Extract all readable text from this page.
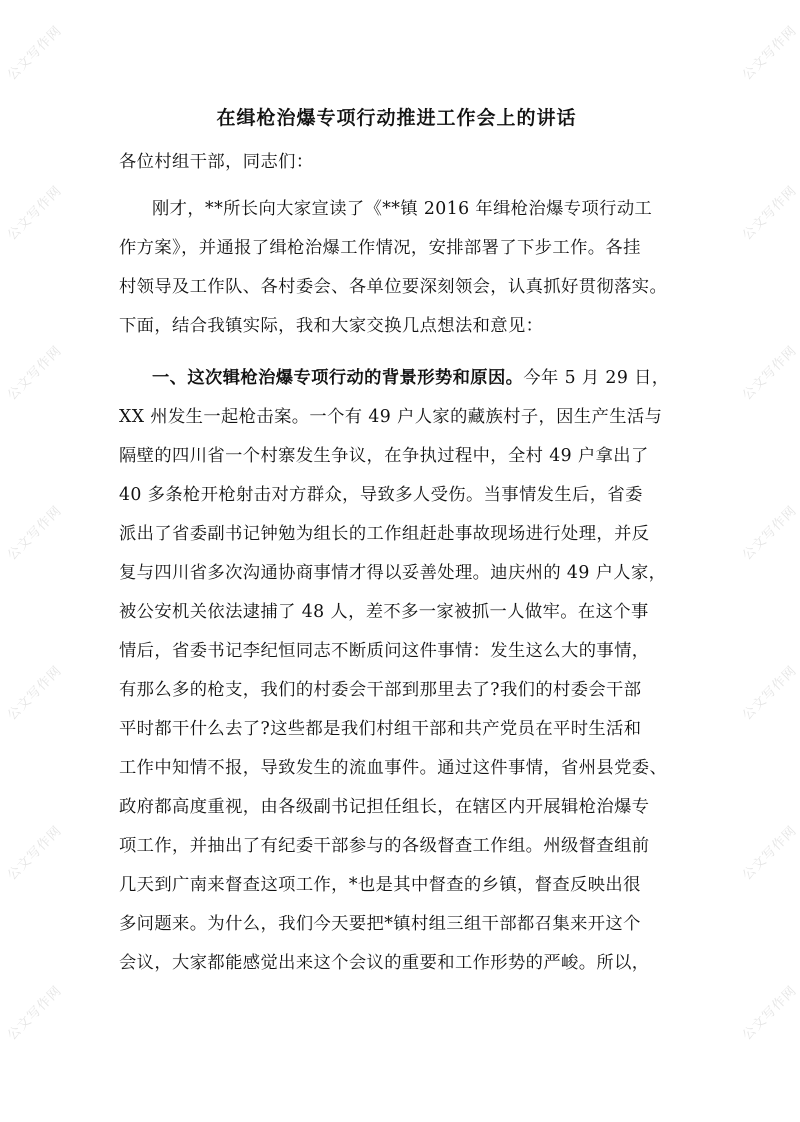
公文写作网
公文写作网
公文写作网
公文写作网
公文写作网
公文写作网
公文写作网
公文写作网
公文写作网
公文写作网
公文写作网
公文写作网
公文写作网
公文写作网
在缉枪治爆专项行动推进工作会上的讲话
各位村组干部，同志们：
刚才，**所长向大家宣读了《**镇 2016 年缉枪治爆专项行动工
作方案》，并通报了缉枪治爆工作情况，安排部署了下步工作。各挂
村领导及工作队、各村委会、各单位要深刻领会，认真抓好贯彻落实。
下面，结合我镇实际，我和大家交换几点想法和意见：
一、这次辑枪治爆专项行动的背景形势和原因。今年 5 月 29 日，
XX 州发生一起枪击案。一个有 49 户人家的藏族村子，因生产生活与
隔壁的四川省一个村寨发生争议，在争执过程中，全村 49 户拿出了
40 多条枪开枪射击对方群众，导致多人受伤。当事情发生后，省委
派出了省委副书记钟勉为组长的工作组赶赴事故现场进行处理，并反
复与四川省多次沟通协商事情才得以妥善处理。迪庆州的 49 户人家，
被公安机关依法逮捕了 48 人，差不多一家被抓一人做牢。在这个事
情后，省委书记李纪恒同志不断质问这件事情：发生这么大的事情，
有那么多的枪支，我们的村委会干部到那里去了?我们的村委会干部
平时都干什么去了?这些都是我们村组干部和共产党员在平时生活和
工作中知情不报，导致发生的流血事件。通过这件事情，省州县党委、
政府都高度重视，由各级副书记担任组长，在辖区内开展辑枪治爆专
项工作，并抽出了有纪委干部参与的各级督查工作组。州级督查组前
几天到广南来督查这项工作，*也是其中督查的乡镇，督查反映出很
多问题来。为什么，我们今天要把*镇村组三组干部都召集来开这个
会议，大家都能感觉出来这个会议的重要和工作形势的严峻。所以，
